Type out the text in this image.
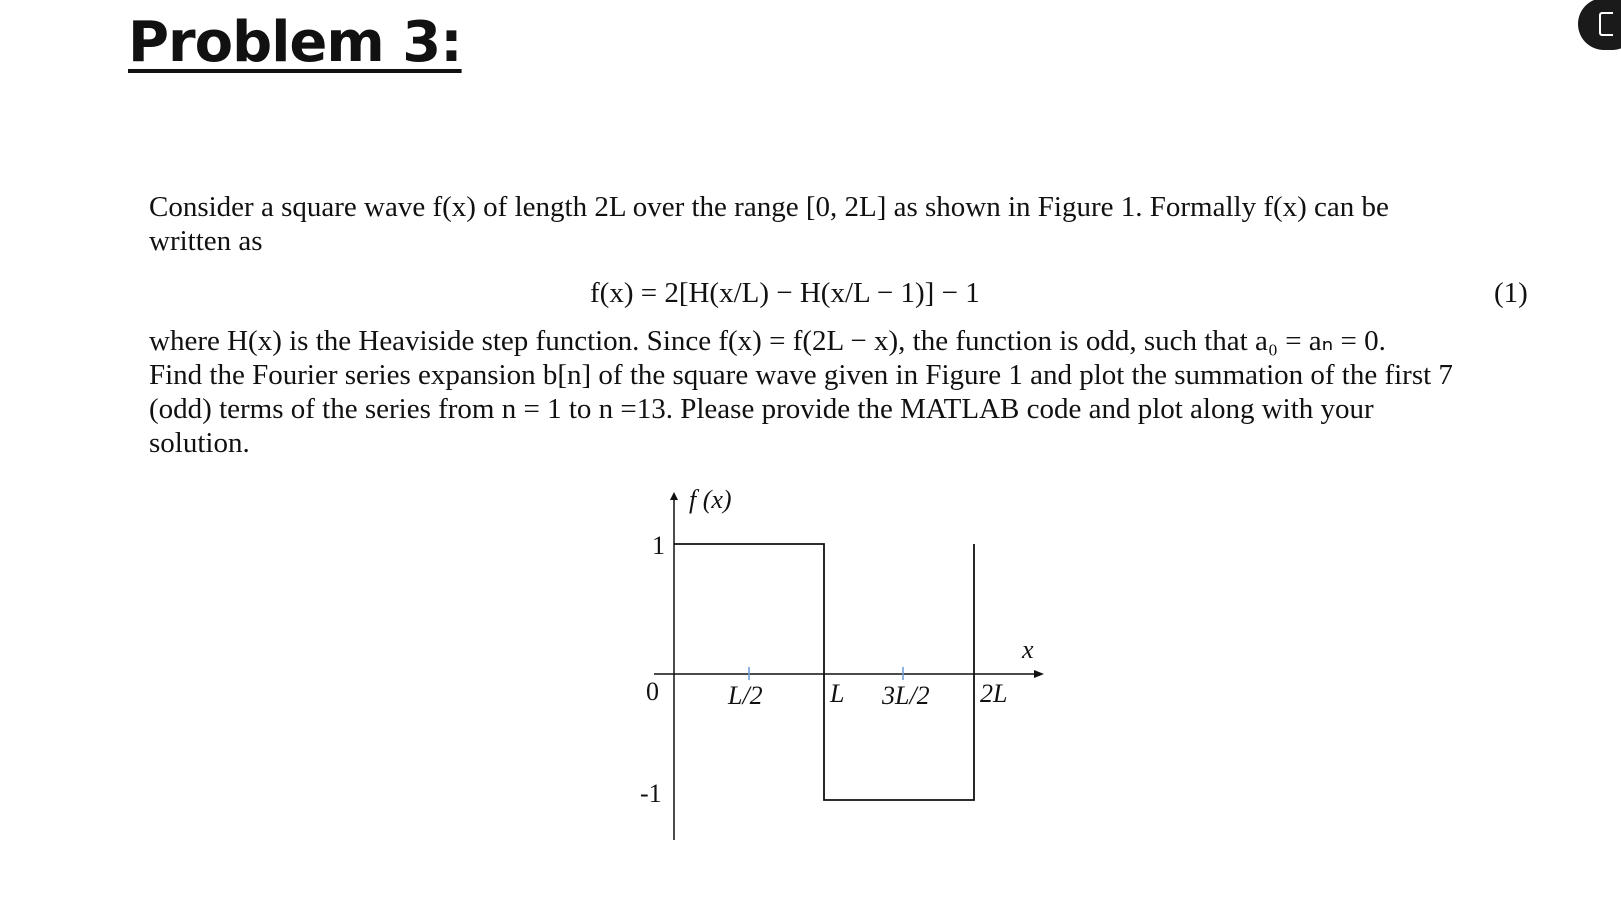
Problem 3:
Consider a square wave f(x) of length 2L over the range [0, 2L] as shown in Figure 1. Formally f(x) can be
written as
f(x) = 2[H(x/L) − H(x/L − 1)] − 1	(1)
where H(x) is the Heaviside step function. Since f(x) = f(2L − x), the function is odd, such that a₀ = aₙ = 0.
Find the Fourier series expansion b[n] of the square wave given in Figure 1 and plot the summation of the first 7
(odd) terms of the series from n = 1 to n =13. Please provide the MATLAB code and plot along with your
solution.
f (x)
x
1
0
-1
L/2	L 3L/2 2L
